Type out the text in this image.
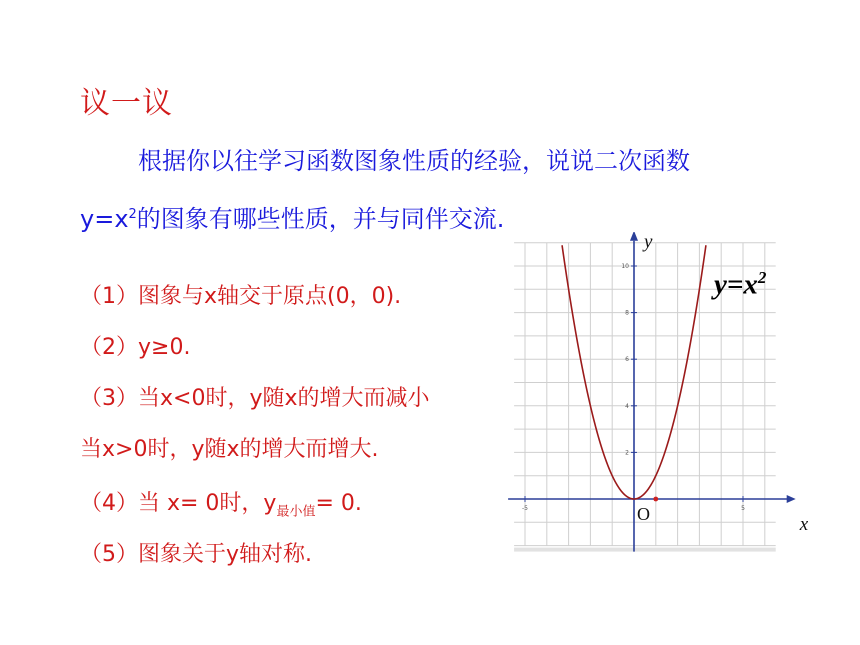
议一议
根据你以往学习函数图象性质的经验，说说二次函数
$y=x^2$的图象有哪些性质，并与同伴交流.
（1）图象与x轴交于原点(0，0).
（2）y≥0.
（3）当x<0时，y随x的增大而减小
当x>0时，y随x的增大而增大.
（4）当 x= 0时，$y_{最小值}= 0$.
（5）图象关于y轴对称.
-5	5
2
4
6
8
10
y
x
O
$y=x^2$
